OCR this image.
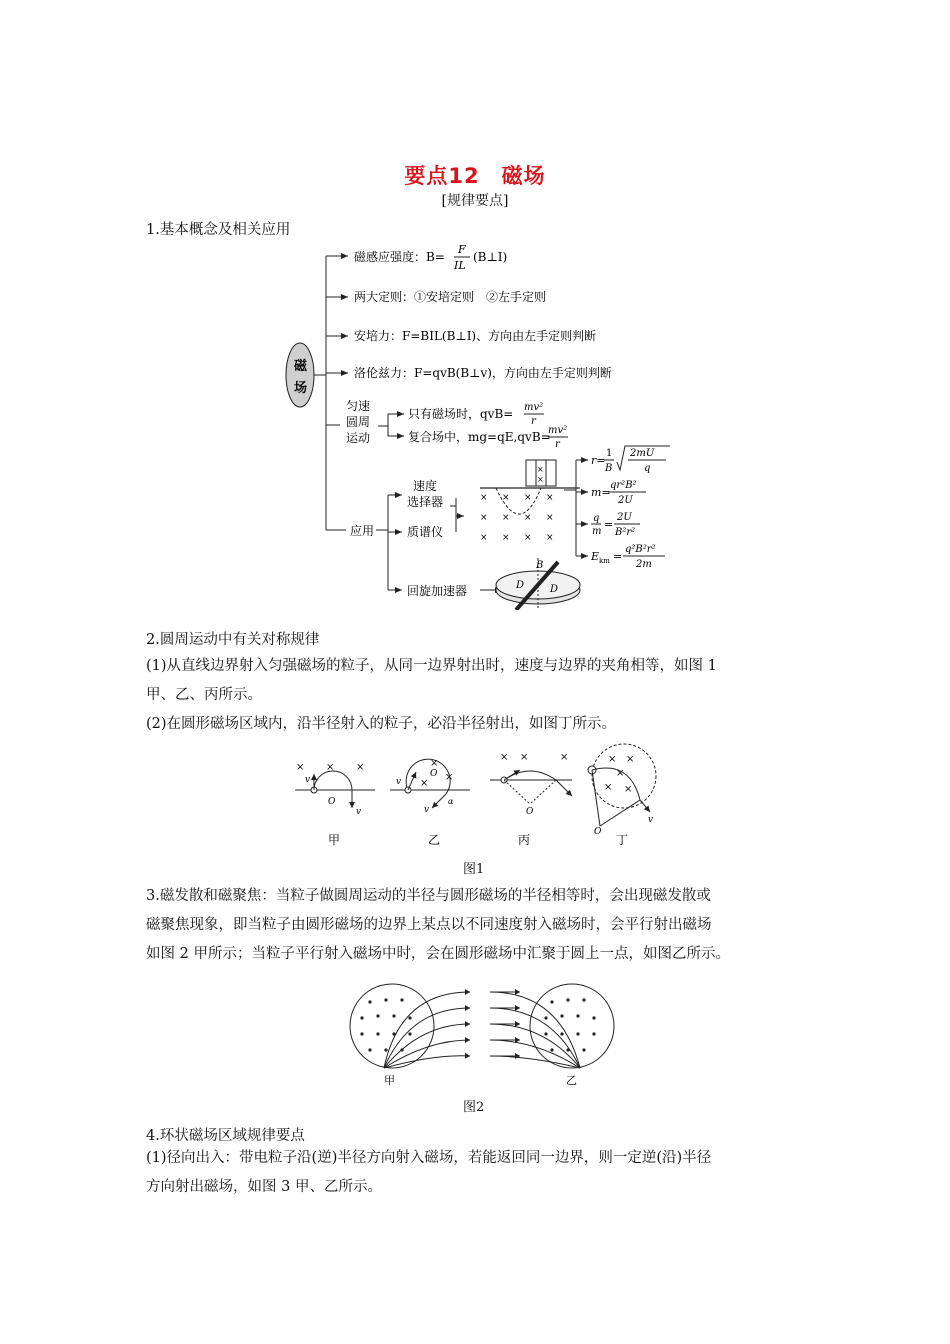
要点12　磁场
[规律要点]
1.基本概念及相关应用
磁
场
磁感应强度：B=
F
IL
(B⊥I)
两大定则：①安培定则　②左手定则
安培力：F=BIL(B⊥I)、方向由左手定则判断
洛伦兹力：F=qvB(B⊥v)，方向由左手定则判断
匀速
圆周
运动
只有磁场时，qvB= mv²
r
复合场中，mg=qE,qvB=
mv²
r
应用
速度
选择器
质谱仪
回旋加速器
×
×
× × × ×
× × × ×
× × × ×
B
D	D
r=
1
B
2mU
q
m=
qr²B²
2U
q
m
=
2U
B²r²
E km =
q²B²r²
2m
2.圆周运动中有关对称规律
(1)从直线边界射入匀强磁场的粒子，从同一边界射出时，速度与边界的夹角相等，如图 1
甲、乙、丙所示。
(2)在圆形磁场区域内，沿半径射入的粒子，必沿半径射出，如图丁所示。
× × ×
v
v
O
甲
×
×
×
O
v
v
α
乙
× ×	×
O
丙
× ×
×
× ×
O
v
丁
图1
3.磁发散和磁聚焦：当粒子做圆周运动的半径与圆形磁场的半径相等时，会出现磁发散或
磁聚焦现象，即当粒子由圆形磁场的边界上某点以不同速度射入磁场时，会平行射出磁场
如图 2 甲所示；当粒子平行射入磁场中时，会在圆形磁场中汇聚于圆上一点，如图乙所示。
甲	乙
图2
4.环状磁场区域规律要点
(1)径向出入：带电粒子沿(逆)半径方向射入磁场，若能返回同一边界，则一定逆(沿)半径
方向射出磁场，如图 3 甲、乙所示。
